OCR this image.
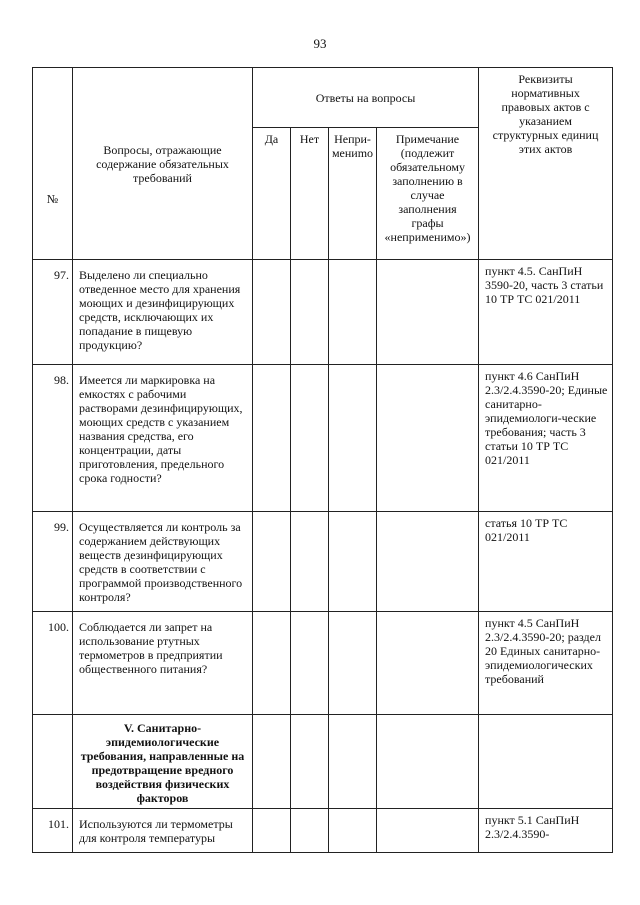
93
№	Вопросы, отражающие содержание обязательных требований	Ответы на вопросы				Реквизиты нормативных правовых актов с указанием структурных единиц этих актов

		Да	Нет	Непри-мениmo	Примечание (подлежит обязательному заполнению в случае заполнения графы «неприменимо»)	

97.	Выделено ли специально отведенное место для хранения моющих и дезинфицирующих средств, исключающих их попадание в пищевую продукцию?					пункт 4.5. СанПиН 3590-20, часть 3 статьи 10 ТР ТС 021/2011
98.	Имеется ли маркировка на емкостях с рабочими растворами дезинфицирующих, моющих средств с указанием названия средства, его концентрации, даты приготовления, предельного срока годности?					пункт 4.6 СанПиН 2.3/2.4.3590-20; Единые санитарно-эпидемиологи-ческие требования; часть 3 статьи 10 ТР ТС 021/2011
99.	Осуществляется ли контроль за содержанием действующих веществ дезинфицирующих средств в соответствии с программой производственного контроля?					статья 10 ТР ТС 021/2011
100.	Соблюдается ли запрет на использование ртутных термометров в предприятии общественного питания?					пункт 4.5 СанПиН 2.3/2.4.3590-20; раздел 20 Единых санитарно-эпидемиологических требований
	V. Санитарно-эпидемиологические требования, направленные на предотвращение вредного воздействия физических факторов					
101.	Используются ли термометры для контроля температуры					пункт 5.1 СанПиН 2.3/2.4.3590-
